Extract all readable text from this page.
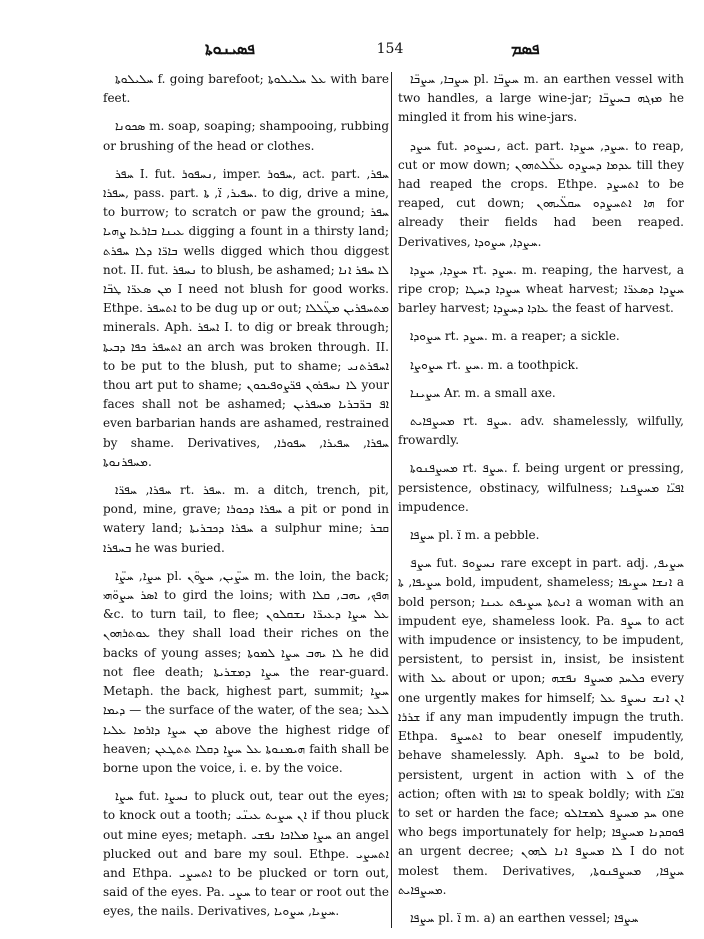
ܦܣܝܢܘܬܐ	154	ܦܣܡ

ܚܠܝܠܘܬܐ f. going barefoot; ܥܠ ܚܠܝܠܘܬܐ with bare feet.

ܣܟܘܢܐ m. soap, soaping; shampooing, rubbing or brushing of the head or clothes.

ܚܦܪ I. fut. ܢܚܦܘܪ, imper. ܚܦܘܪ, act. part. ܚܦܪ, ܚܦܪܐ, pass. part. ܚܦܝܪ, ܐ̈, ܬܐ. to dig, drive a mine, to burrow; to scratch or paw the ground; ܚܦܪ ܥܝܢܐ ܒܐܪܥܐ ܨܗܝܐ digging a fount in a thirsty land; ܒܐܪ̈ܐ ܕܠܐ ܚܦܪܬ wells digged which thou diggest not. II. fut. ܢܚܦܪ to blush, be ashamed; ܠܐ ܚܦܪ ܐܢܐ ܡܢ ܣܥܪ̈ܐ ܛܒ̈ܐ I need not blush for good works. Ethpe. ܐܬܚܦܪ to be dug up or out; ܡܬܚܦܪܝܢ ܡܛ̈ܠܠܐ minerals. Aph. ܐܚܦܪ I. to dig or break through; ܐܬܚܦܪ ܟܦܐ ܕܒܝܬܐ an arch was broken through. II. to be put to the blush, put to shame; ܐܚܦܪܬܢܝ thou art put to shame; ܠܐ ܢܚܦܪܘܢ ܦܪ̈ܨܘܦܝܟܘܢ your faces shall not be ashamed; ܐܦ ܒܪ̈ܒܪܝܐ ܡܚܦܪܝܢ even barbarian hands are ashamed, restrained by shame. Derivatives, ܚܦܪܐ, ܚܦܝܪܐ, ܚܦܘܪܐ, ܡܚܦܪܢܘܬܐ.

ܚܦܪܐ, ܚܦܪ̈ܐ rt. ܚܦܪ. m. a ditch, trench, pit, pond, mine, grave; ܚܦܪܐ ܕܟܘܪܐ a pit or pond in watery land; ܚܦܪܐ ܕܟܒܪܝܬܐ a sulphur mine; ܩܒܪ ܒܚܦܪܐ he was buried.

ܚܨܐ, ܚܨ̈ܐ pl. ܚܨ̈ܝܢ, ܚܨܘ̈ܢ m. the loin, the back; ܐܣܪ ܚܨܘ̈ܗܝ to gird the loins; with ܗܦܟ, ܝܗܒ, ܩܠܐ &c. to turn tail, to flee; ܥܠ ܚܨܐ ܕܥܝܪ̈ܐ ܢܫܩܠܘܢ ܥܘܬܪܗܘܢ they shall load their riches on the backs of young asses; ܠܐ ܝܗܒ ܚܨܐ ܠܡܘܬܐ he did not flee death; ܚܨܐ ܕܡܫܪܝܬܐ the rear-guard. Metaph. the back, highest part, summit; ܚܨܐ ܕܝܡܐ — the surface of the water, of the sea; ܠܥܠ ܡܢ ܚܨܐ ܕܐܪܡܐ ܥܠܝܐ above the highest ridge of heaven; ܗܝܡܢܘܬܐ ܥܠ ܚܨܐ ܕܩܠܐ ܬܬܛܥܢ faith shall be borne upon the voice, i. e. by the voice.

ܚܨܐ fut. ܢܚܨܐ to pluck out, tear out the eyes; to knock out a tooth; ܐܢ ܚܨܝܬ ܥܝܢ̈ܝ if thou pluck out mine eyes; metaph. ܚܨܐ ܡܠܐܟܐ ܢܦܫܝ an angel plucked out and bare my soul. Ethpe. ܐܬܚܨܝ and Ethpa. ܐܬܚܨܝ to be plucked or torn out, said of the eyes. Pa. ܚܨܝ to tear or root out the eyes, the nails. Derivatives, ܚܨܝܐ, ܚܨܘܝܐ.

ܚܨܒܐ, ܚܨܒ̈ܐ pl. ܚܨܒ̈ܐ m. an earthen vessel with two handles, a large wine-jar; ܡܙܓܗ ܒܚܨܒ̈ܐ he mingled it from his wine-jars.

ܚܨܕ fut. ܢܚܨܘܕ, act. part. ܚܨܕ, ܚܨܕܐ. to reap, cut or mow down; ܥܕܡܐ ܕܚܨܕܘ ܥܠ̈ܠܬܗܘܢ till they had reaped the crops. Ethpe. ܐܬܚܨܕ to be reaped, cut down; ܗܐ ܐܬܚܨܕܘ ܚܩܠ̈ܝܗܘܢ for already their fields had been reaped. Derivatives, ܚܨܕܐ, ܚܨܘܕܐ.

ܚܨܕܐ, ܚܨܕܐ rt. ܚܨܕ. m. reaping, the harvest, a ripe crop; ܚܨܕܐ ܕܚܛܐ wheat harvest; ܚܨܕܐ ܕܣܥܪ̈ܐ barley harvest; ܥܐܕܐ ܕܚܨܕܐ the feast of harvest.

ܚܨܘܕܐ rt. ܚܨܕ. m. a reaper; a sickle.

ܚܨܘܨܐ rt. ܚܨ. m. a toothpick.

ܚܨܝܢܐ Ar. m. a small axe.

ܡܚܨܦܐܝܬ rt. ܚܨܦ. adv. shamelessly, wilfully, frowardly.

ܡܚܨܦܢܘܬܐ rt. ܚܨܦ. f. being urgent or pressing, persistence, obstinacy, wilfulness; ܐܦܝ̈ܐ ܡܚܨܦܢܐ impudence.

ܚܨܦܐ pl. ܐ̈ m. a pebble.

ܚܨܦ fut. ܢܚܨܘܦ rare except in part. adj. ܚܨܝܦ, ܚܨܝܦܐ, ܬܐ bold, impudent, shameless; ܐܢܫܐ ܚܨܝܦܐ a bold person; ܐܢܬܬܐ ܚܨܝܦܬ ܥܝܢܐ a woman with an impudent eye, shameless look. Pa. ܚܨܦ to act with impudence or insistency, to be impudent, persistent, to persist in, insist, be insistent with ܥܠ about or upon; ܟܠܚܕ ܡܚܨܦ ܢܦܫܗ every one urgently makes for himself; ܐܢ ܐܢܫ ܢܚܨܦ ܥܠ ܫܪܪܐ if any man impudently impugn the truth. Ethpa. ܐܬܚܨܦ to bear oneself impudently, behave shamelessly. Aph. ܐܚܨܦ to be bold, persistent, urgent in action with ܠ of the action; often with ܐܦܐ to speak boldly; with ܐܦܝ̈ܐ to set or harden the face; ܚܕ ܡܚܨܦ ܠܡܫܐܠܘ one who begs importunately for help; ܦܘܩܕܢܐ ܡܚܨܦܐ an urgent decree; ܠܐ ܡܚܨܦ ܐܢܐ ܠܗܘܢ I do not molest them. Derivatives, ܚܨܦܐ, ܡܚܨܦܢܘܬܐ, ܡܚܨܦܐܝܬ.

ܚܨܦܐ pl. ܐ̈ m. a) an earthen vessel; ܚܨܦܐ
